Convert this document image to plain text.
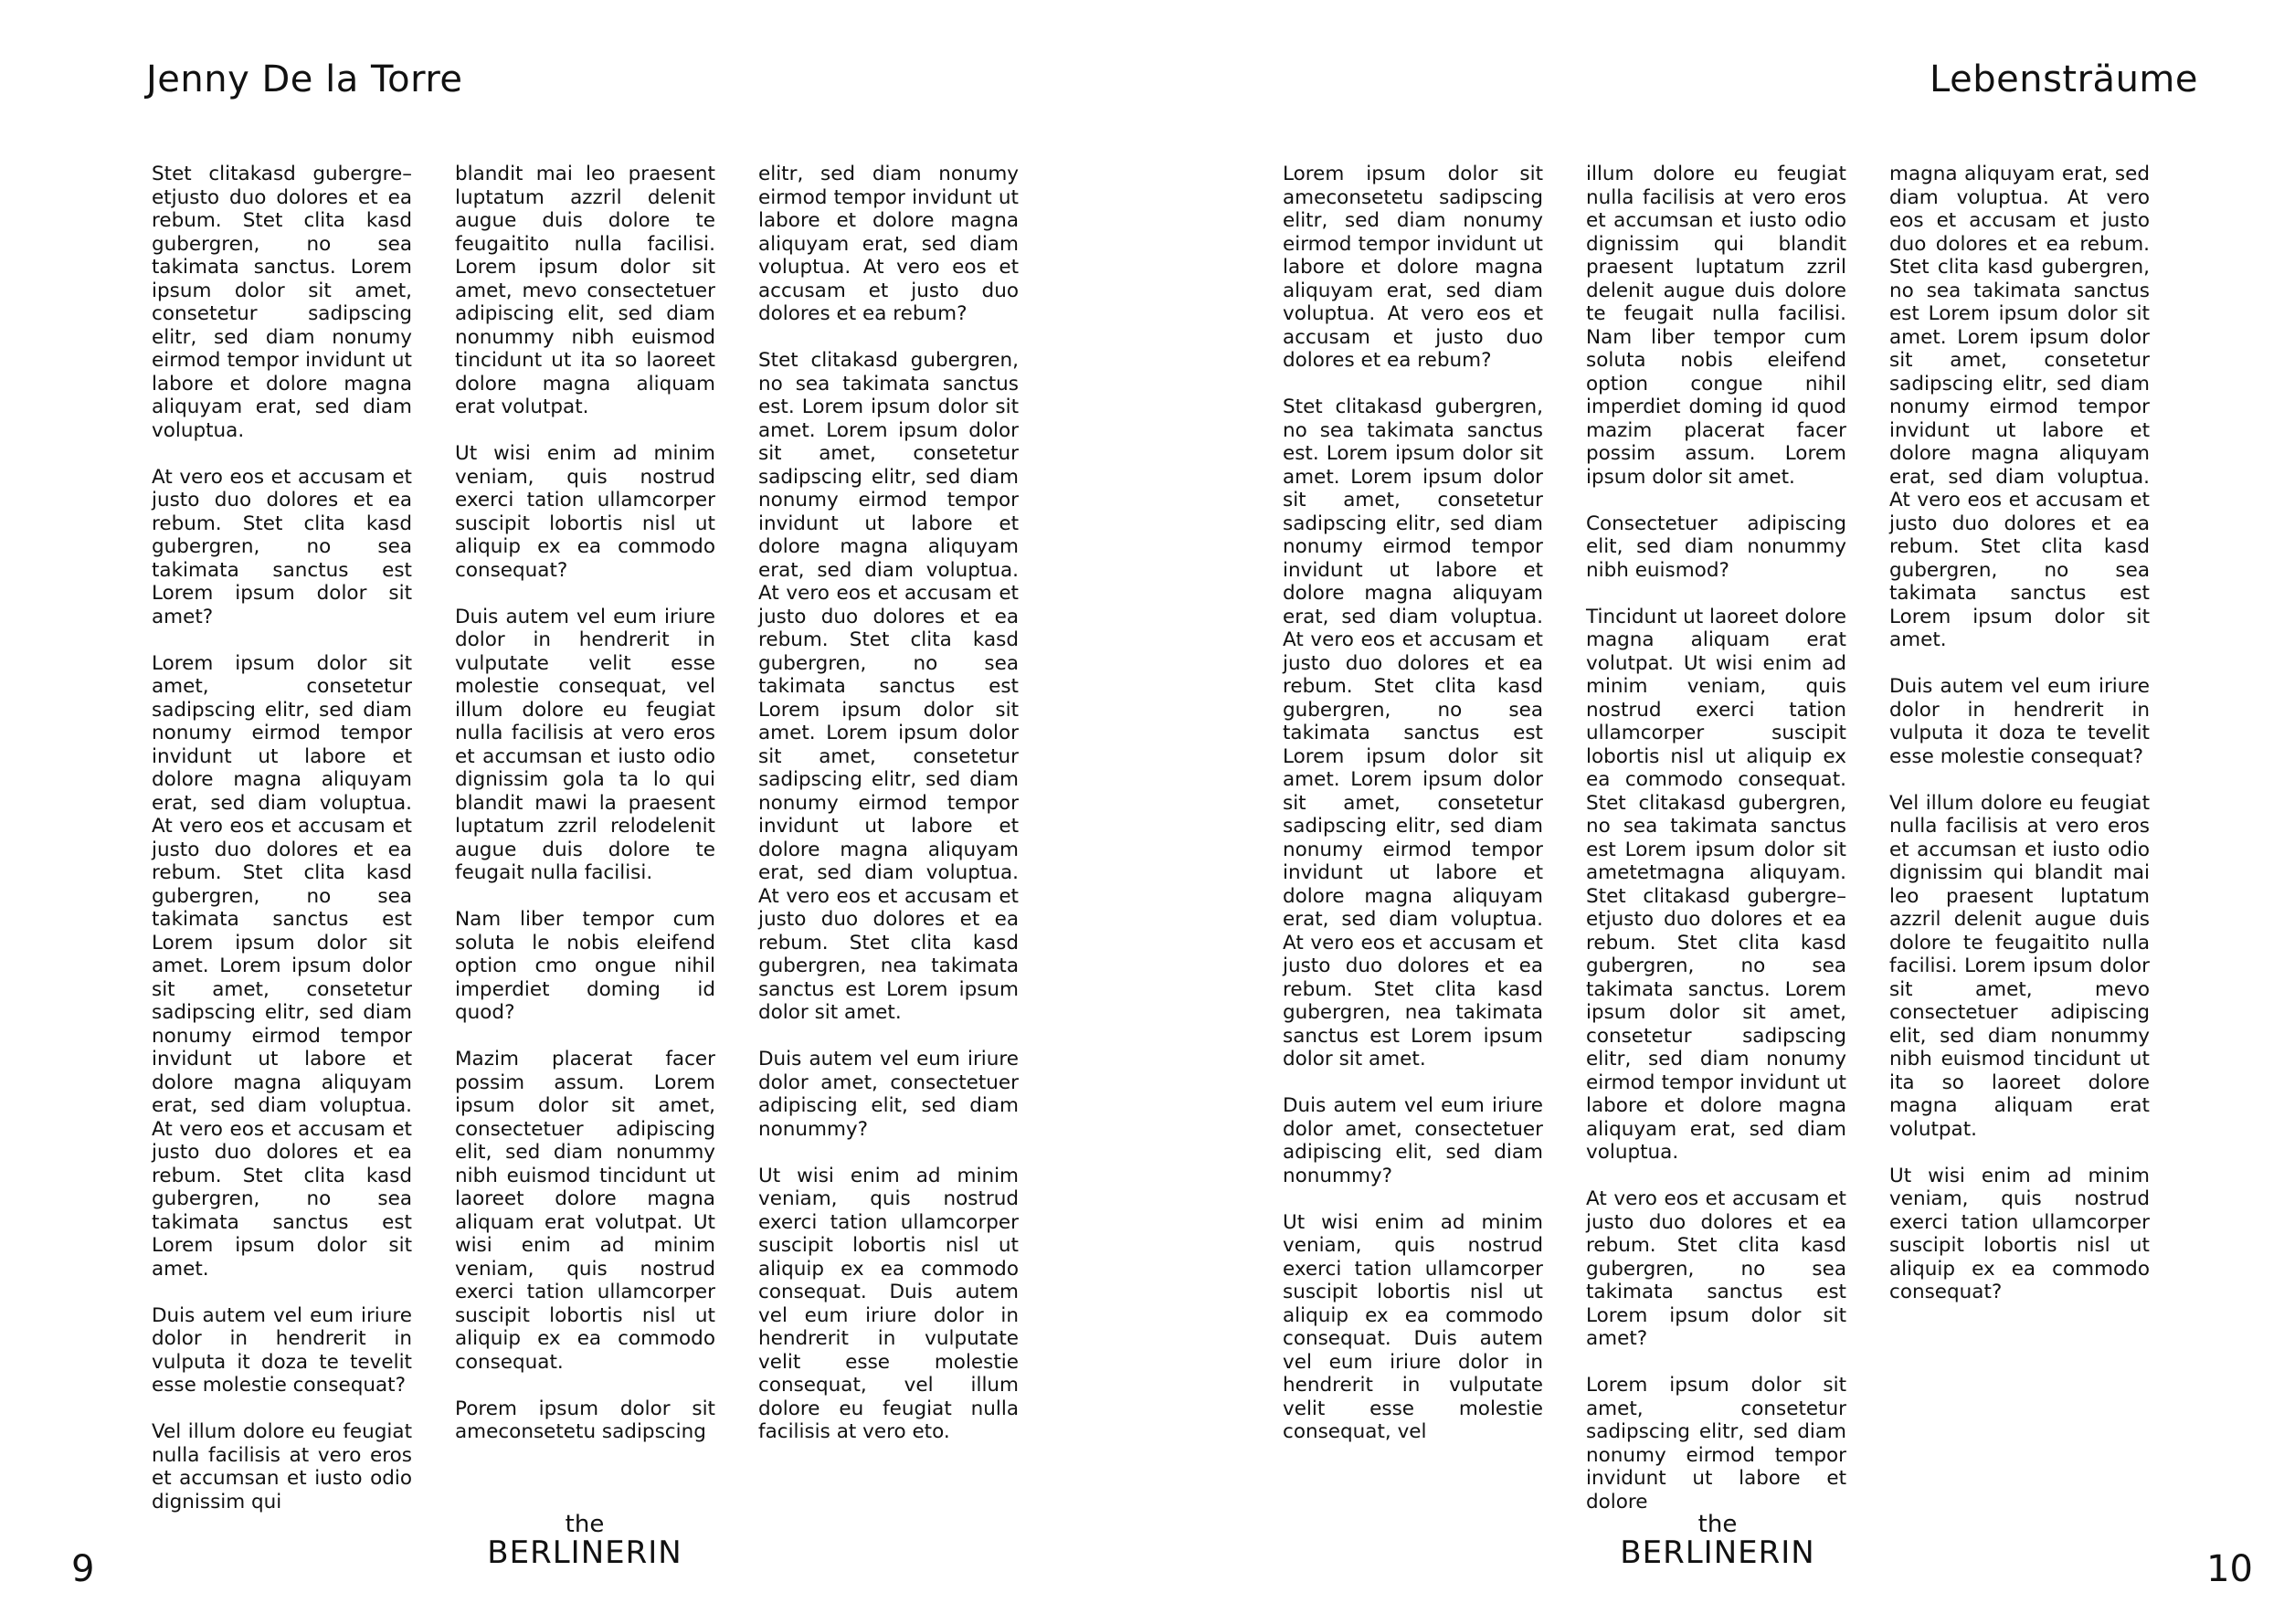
Jenny De la Torre

Stet clitakasd gubergre–etjusto duo dolores et ea rebum. Stet clita kasd gubergren, no sea takimata sanctus. Lorem ipsum dolor sit amet, consetetur sadipscing elitr, sed diam nonumy eirmod tempor invidunt ut labore et dolore magna aliquyam erat, sed diam voluptua.

At vero eos et accusam et justo duo dolores et ea rebum. Stet clita kasd gubergren, no sea takimata sanctus est Lorem ipsum dolor sit amet?

Lorem ipsum dolor sit amet, consetetur sadipscing elitr, sed diam nonumy eirmod tempor invidunt ut labore et dolore magna aliquyam erat, sed diam voluptua. At vero eos et accusam et justo duo dolores et ea rebum. Stet clita kasd gubergren, no sea takimata sanctus est Lorem ipsum dolor sit amet. Lorem ipsum dolor sit amet, consetetur sadipscing elitr, sed diam nonumy eirmod tempor invidunt ut labore et dolore magna aliquyam erat, sed diam voluptua. At vero eos et accusam et justo duo dolores et ea rebum. Stet clita kasd gubergren, no sea takimata sanctus est Lorem ipsum dolor sit amet.

Duis autem vel eum iriure dolor in hendrerit in vulputa it doza te tevelit esse molestie consequat?

Vel illum dolore eu feugiat nulla facilisis at vero eros et accumsan et iusto odio dignissim qui

blandit mai leo praesent luptatum azzril delenit augue duis dolore te feugaitito nulla facilisi. Lorem ipsum dolor sit amet, mevo consectetuer adipiscing elit, sed diam nonummy nibh euismod tincidunt ut ita so laoreet dolore magna aliquam erat volutpat.

Ut wisi enim ad minim veniam, quis nostrud exerci tation ullamcorper suscipit lobortis nisl ut aliquip ex ea commodo consequat?

Duis autem vel eum iriure dolor in hendrerit in vulputate velit esse molestie consequat, vel illum dolore eu feugiat nulla facilisis at vero eros et accumsan et iusto odio dignissim gola ta lo qui blandit mawi la praesent luptatum zzril relodelenit augue duis dolore te feugait nulla facilisi.

Nam liber tempor cum soluta le nobis eleifend option cmo ongue nihil imperdiet doming id quod?

Mazim placerat facer possim assum. Lorem ipsum dolor sit amet, consectetuer adipiscing elit, sed diam nonummy nibh euismod tincidunt ut laoreet dolore magna aliquam erat volutpat. Ut wisi enim ad minim veniam, quis nostrud exerci tation ullamcorper suscipit lobortis nisl ut aliquip ex ea commodo consequat.

Porem ipsum dolor sit ameconsetetu sadipscing

elitr, sed diam nonumy eirmod tempor invidunt ut labore et dolore magna aliquyam erat, sed diam voluptua. At vero eos et accusam et justo duo dolores et ea rebum?

Stet clitakasd gubergren, no sea takimata sanctus est. Lorem ipsum dolor sit amet. Lorem ipsum dolor sit amet, consetetur sadipscing elitr, sed diam nonumy eirmod tempor invidunt ut labore et dolore magna aliquyam erat, sed diam voluptua. At vero eos et accusam et justo duo dolores et ea rebum. Stet clita kasd gubergren, no sea takimata sanctus est Lorem ipsum dolor sit amet. Lorem ipsum dolor sit amet, consetetur sadipscing elitr, sed diam nonumy eirmod tempor invidunt ut labore et dolore magna aliquyam erat, sed diam voluptua. At vero eos et accusam et justo duo dolores et ea rebum. Stet clita kasd gubergren, nea takimata sanctus est Lorem ipsum dolor sit amet.

Duis autem vel eum iriure dolor amet, consectetuer adipiscing elit, sed diam nonummy?

Ut wisi enim ad minim veniam, quis nostrud exerci tation ullamcorper suscipit lobortis nisl ut aliquip ex ea commodo consequat. Duis autem vel eum iriure dolor in hendrerit in vulputate velit esse molestie consequat, vel illum dolore eu feugiat nulla facilisis at vero eto.

the
BERLINERIN
9
Lebensträume

Lorem ipsum dolor sit ameconsetetu sadipscing elitr, sed diam nonumy eirmod tempor invidunt ut labore et dolore magna aliquyam erat, sed diam voluptua. At vero eos et accusam et justo duo dolores et ea rebum?

Stet clitakasd gubergren, no sea takimata sanctus est. Lorem ipsum dolor sit amet. Lorem ipsum dolor sit amet, consetetur sadipscing elitr, sed diam nonumy eirmod tempor invidunt ut labore et dolore magna aliquyam erat, sed diam voluptua. At vero eos et accusam et justo duo dolores et ea rebum. Stet clita kasd gubergren, no sea takimata sanctus est Lorem ipsum dolor sit amet. Lorem ipsum dolor sit amet, consetetur sadipscing elitr, sed diam nonumy eirmod tempor invidunt ut labore et dolore magna aliquyam erat, sed diam voluptua. At vero eos et accusam et justo duo dolores et ea rebum. Stet clita kasd gubergren, nea takimata sanctus est Lorem ipsum dolor sit amet.

Duis autem vel eum iriure dolor amet, consectetuer adipiscing elit, sed diam nonummy?

Ut wisi enim ad minim veniam, quis nostrud exerci tation ullamcorper suscipit lobortis nisl ut aliquip ex ea commodo consequat. Duis autem vel eum iriure dolor in hendrerit in vulputate velit esse molestie consequat, vel

illum dolore eu feugiat nulla facilisis at vero eros et accumsan et iusto odio dignissim qui blandit praesent luptatum zzril delenit augue duis dolore te feugait nulla facilisi. Nam liber tempor cum soluta nobis eleifend option congue nihil imperdiet doming id quod mazim placerat facer possim assum. Lorem ipsum dolor sit amet.

Consectetuer adipiscing elit, sed diam nonummy nibh euismod?

Tincidunt ut laoreet dolore magna aliquam erat volutpat. Ut wisi enim ad minim veniam, quis nostrud exerci tation ullamcorper suscipit lobortis nisl ut aliquip ex ea commodo consequat. Stet clitakasd gubergren, no sea takimata sanctus est Lorem ipsum dolor sit ametetmagna aliquyam. Stet clitakasd gubergre–etjusto duo dolores et ea rebum. Stet clita kasd gubergren, no sea takimata sanctus. Lorem ipsum dolor sit amet, consetetur sadipscing elitr, sed diam nonumy eirmod tempor invidunt ut labore et dolore magna aliquyam erat, sed diam voluptua.

At vero eos et accusam et justo duo dolores et ea rebum. Stet clita kasd gubergren, no sea takimata sanctus est Lorem ipsum dolor sit amet?

Lorem ipsum dolor sit amet, consetetur sadipscing elitr, sed diam nonumy eirmod tempor invidunt ut labore et dolore

magna aliquyam erat, sed diam voluptua. At vero eos et accusam et justo duo dolores et ea rebum. Stet clita kasd gubergren, no sea takimata sanctus est Lorem ipsum dolor sit amet. Lorem ipsum dolor sit amet, consetetur sadipscing elitr, sed diam nonumy eirmod tempor invidunt ut labore et dolore magna aliquyam erat, sed diam voluptua. At vero eos et accusam et justo duo dolores et ea rebum. Stet clita kasd gubergren, no sea takimata sanctus est Lorem ipsum dolor sit amet.

Duis autem vel eum iriure dolor in hendrerit in vulputa it doza te tevelit esse molestie consequat?

Vel illum dolore eu feugiat nulla facilisis at vero eros et accumsan et iusto odio dignissim qui blandit mai leo praesent luptatum azzril delenit augue duis dolore te feugaitito nulla facilisi. Lorem ipsum dolor sit amet, mevo consectetuer adipiscing elit, sed diam nonummy nibh euismod tincidunt ut ita so laoreet dolore magna aliquam erat volutpat.

Ut wisi enim ad minim veniam, quis nostrud exerci tation ullamcorper suscipit lobortis nisl ut aliquip ex ea commodo consequat?

the
BERLINERIN	10
